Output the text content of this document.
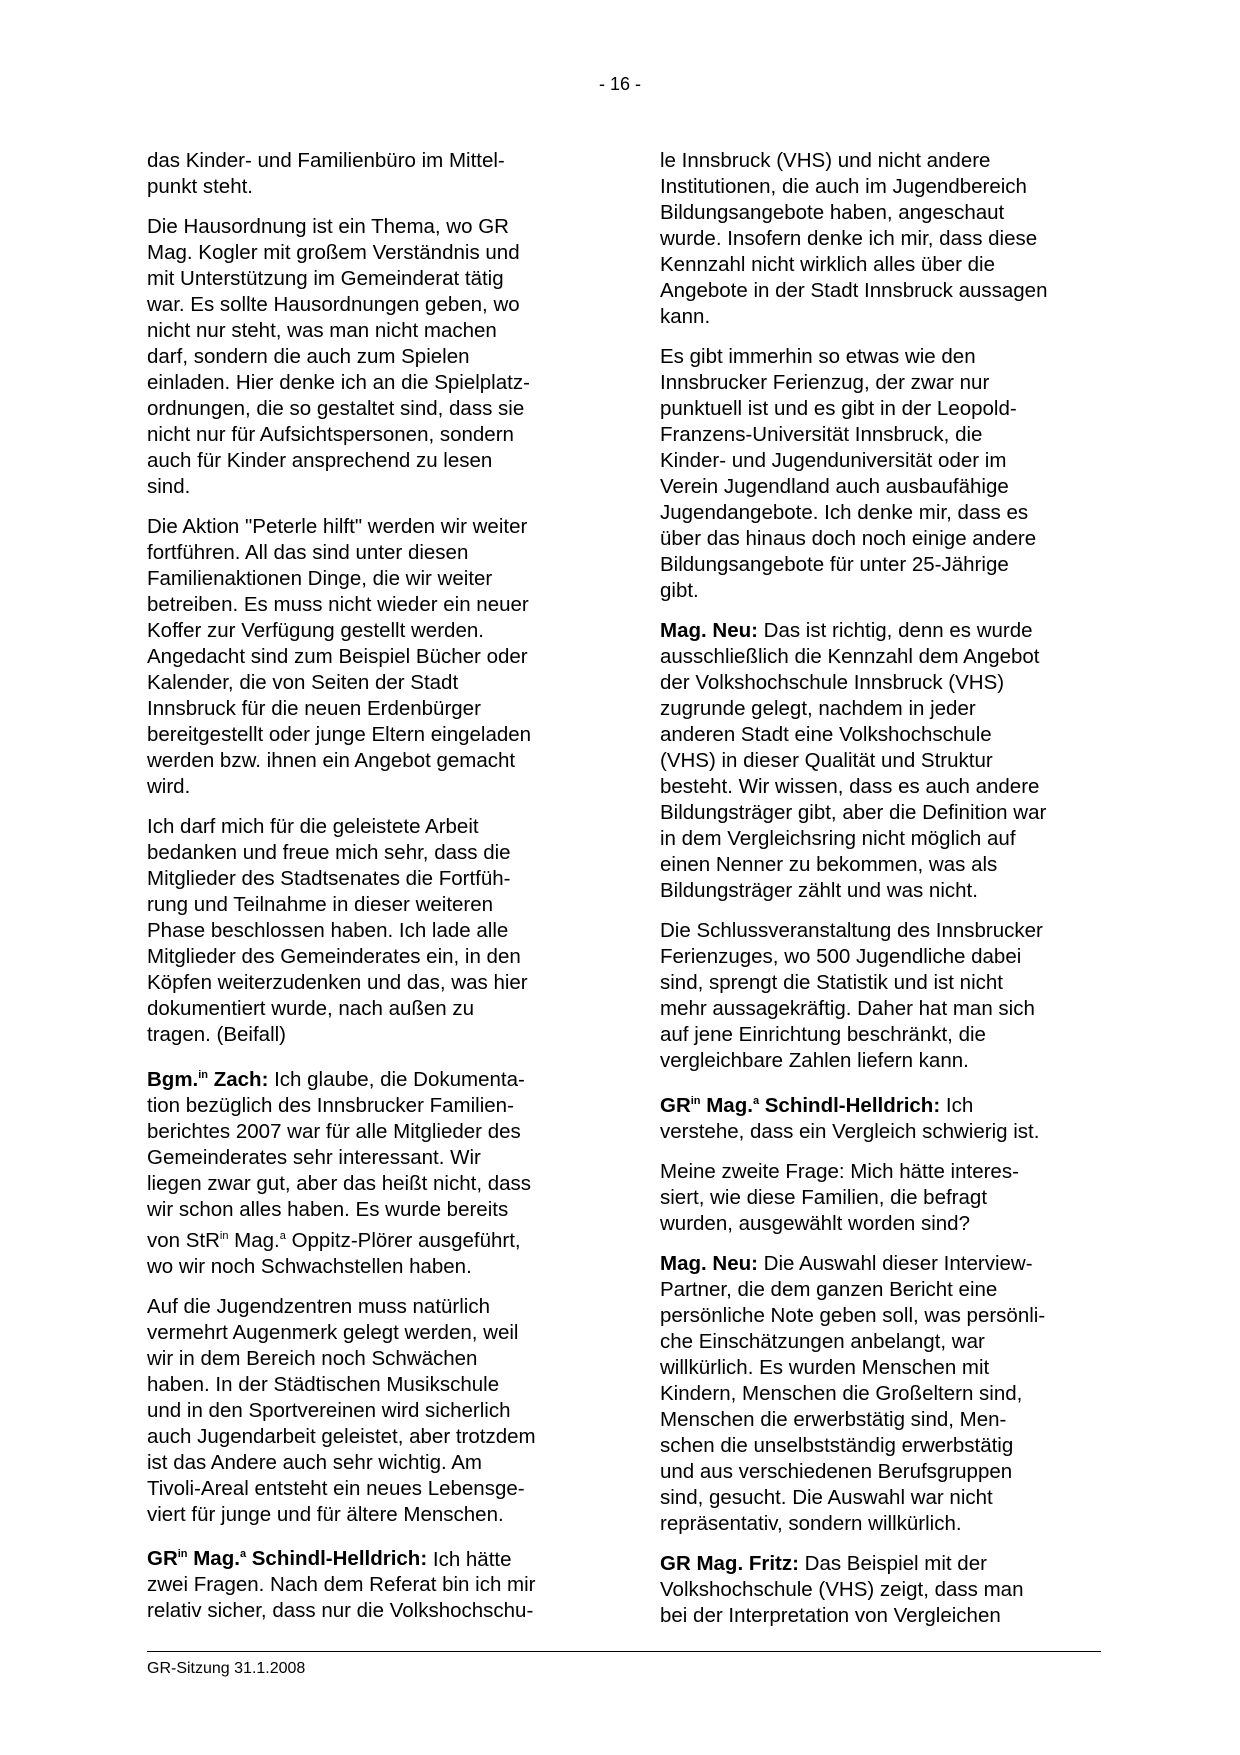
- 16 -

das Kinder- und Familienbüro im Mittel-
punkt steht.

Die Hausordnung ist ein Thema, wo GR
Mag. Kogler mit großem Verständnis und
mit Unterstützung im Gemeinderat tätig
war. Es sollte Hausordnungen geben, wo
nicht nur steht, was man nicht machen
darf, sondern die auch zum Spielen
einladen. Hier denke ich an die Spielplatz-
ordnungen, die so gestaltet sind, dass sie
nicht nur für Aufsichtspersonen, sondern
auch für Kinder ansprechend zu lesen
sind.

Die Aktion "Peterle hilft" werden wir weiter
fortführen. All das sind unter diesen
Familienaktionen Dinge, die wir weiter
betreiben. Es muss nicht wieder ein neuer
Koffer zur Verfügung gestellt werden.
Angedacht sind zum Beispiel Bücher oder
Kalender, die von Seiten der Stadt
Innsbruck für die neuen Erdenbürger
bereitgestellt oder junge Eltern eingeladen
werden bzw. ihnen ein Angebot gemacht
wird.

Ich darf mich für die geleistete Arbeit
bedanken und freue mich sehr, dass die
Mitglieder des Stadtsenates die Fortfüh-
rung und Teilnahme in dieser weiteren
Phase beschlossen haben. Ich lade alle
Mitglieder des Gemeinderates ein, in den
Köpfen weiterzudenken und das, was hier
dokumentiert wurde, nach außen zu
tragen. (Beifall)

Bgm.$^{in}$ Zach: Ich glaube, die Dokumenta-
tion bezüglich des Innsbrucker Familien-
berichtes 2007 war für alle Mitglieder des
Gemeinderates sehr interessant. Wir
liegen zwar gut, aber das heißt nicht, dass
wir schon alles haben. Es wurde bereits
von StR$^{in}$ Mag.$^a$ Oppitz-Plörer ausgeführt,
wo wir noch Schwachstellen haben.

Auf die Jugendzentren muss natürlich
vermehrt Augenmerk gelegt werden, weil
wir in dem Bereich noch Schwächen
haben. In der Städtischen Musikschule
und in den Sportvereinen wird sicherlich
auch Jugendarbeit geleistet, aber trotzdem
ist das Andere auch sehr wichtig. Am
Tivoli-Areal entsteht ein neues Lebensge-
viert für junge und für ältere Menschen.

$GR^{in}$ Mag.$^a$ Schindl-Helldrich: Ich hätte
zwei Fragen. Nach dem Referat bin ich mir
relativ sicher, dass nur die Volkshochschu-

le Innsbruck (VHS) und nicht andere
Institutionen, die auch im Jugendbereich
Bildungsangebote haben, angeschaut
wurde. Insofern denke ich mir, dass diese
Kennzahl nicht wirklich alles über die
Angebote in der Stadt Innsbruck aussagen
kann.

Es gibt immerhin so etwas wie den
Innsbrucker Ferienzug, der zwar nur
punktuell ist und es gibt in der Leopold-
Franzens-Universität Innsbruck, die
Kinder- und Jugenduniversität oder im
Verein Jugendland auch ausbaufähige
Jugendangebote. Ich denke mir, dass es
über das hinaus doch noch einige andere
Bildungsangebote für unter 25-Jährige
gibt.

Mag. Neu: Das ist richtig, denn es wurde
ausschließlich die Kennzahl dem Angebot
der Volkshochschule Innsbruck (VHS)
zugrunde gelegt, nachdem in jeder
anderen Stadt eine Volkshochschule
(VHS) in dieser Qualität und Struktur
besteht. Wir wissen, dass es auch andere
Bildungsträger gibt, aber die Definition war
in dem Vergleichsring nicht möglich auf
einen Nenner zu bekommen, was als
Bildungsträger zählt und was nicht.

Die Schlussveranstaltung des Innsbrucker
Ferienzuges, wo 500 Jugendliche dabei
sind, sprengt die Statistik und ist nicht
mehr aussagekräftig. Daher hat man sich
auf jene Einrichtung beschränkt, die
vergleichbare Zahlen liefern kann.

$GR^{in}$ Mag.$^a$ Schindl-Helldrich: Ich
verstehe, dass ein Vergleich schwierig ist.

Meine zweite Frage: Mich hätte interes-
siert, wie diese Familien, die befragt
wurden, ausgewählt worden sind?

Mag. Neu: Die Auswahl dieser Interview-
Partner, die dem ganzen Bericht eine
persönliche Note geben soll, was persönli-
che Einschätzungen anbelangt, war
willkürlich. Es wurden Menschen mit
Kindern, Menschen die Großeltern sind,
Menschen die erwerbstätig sind, Men-
schen die unselbstständig erwerbstätig
und aus verschiedenen Berufsgruppen
sind, gesucht. Die Auswahl war nicht
repräsentativ, sondern willkürlich.

GR Mag. Fritz: Das Beispiel mit der
Volkshochschule (VHS) zeigt, dass man
bei der Interpretation von Vergleichen

GR-Sitzung 31.1.2008
